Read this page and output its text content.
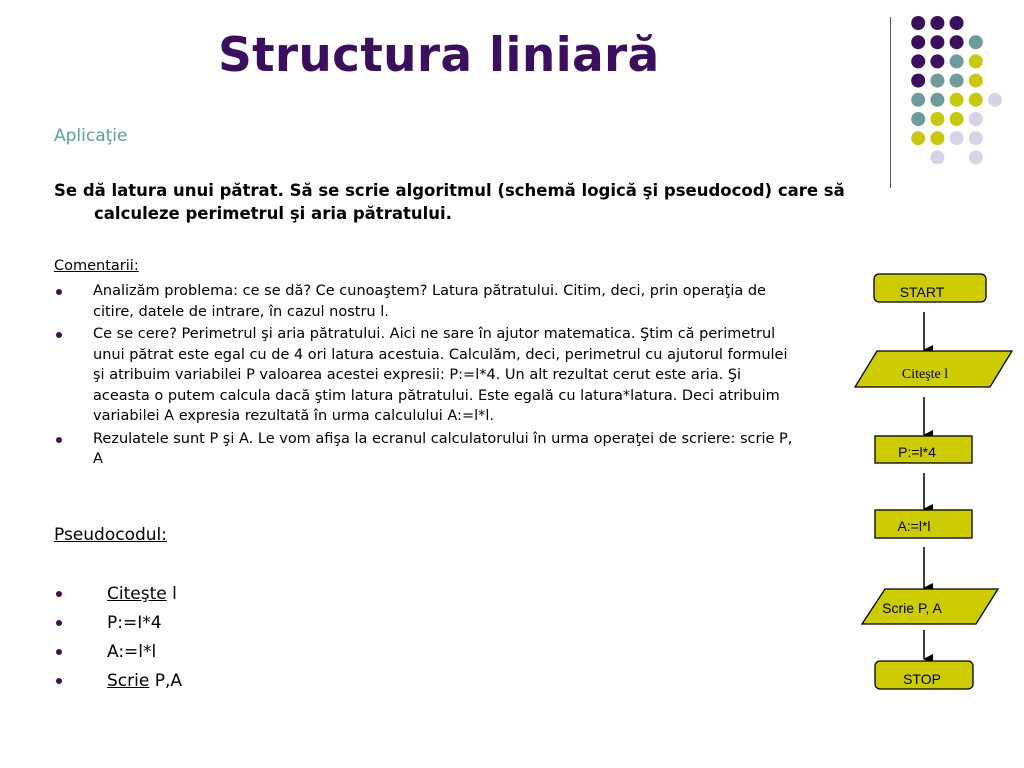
Structura liniară
Aplicaţie
Se dă latura unui pătrat. Să se scrie algoritmul (schemă logică şi pseudocod) care să calculeze perimetrul şi aria pătratului.
Comentarii:
Analizăm problema: ce se dă? Ce cunoaştem? Latura pătratului. Citim, deci, prin operaţia de citire, datele de intrare, în cazul nostru l.
Ce se cere? Perimetrul şi aria pătratului. Aici ne sare în ajutor matematica. Ştim că perimetrul unui pătrat este egal cu de 4 ori latura acestuia. Calculăm, deci, perimetrul cu ajutorul formulei şi atribuim variabilei P valoarea acestei expresii: P:=l*4. Un alt rezultat cerut este aria. Şi aceasta o putem calcula dacă ştim latura pătratului. Este egală cu latura*latura. Deci atribuim variabilei A expresia rezultată în urma calculului A:=l*l.
Rezulatele sunt P şi A. Le vom afişa la ecranul calculatorului în urma operaţei de scriere: scrie P, A
Pseudocodul:
Citeşte l
P:=I*4
A:=l*l
Scrie P,A
START
Citeşte l
P:=l*4
A:=l*l
Scrie P, A
STOP
